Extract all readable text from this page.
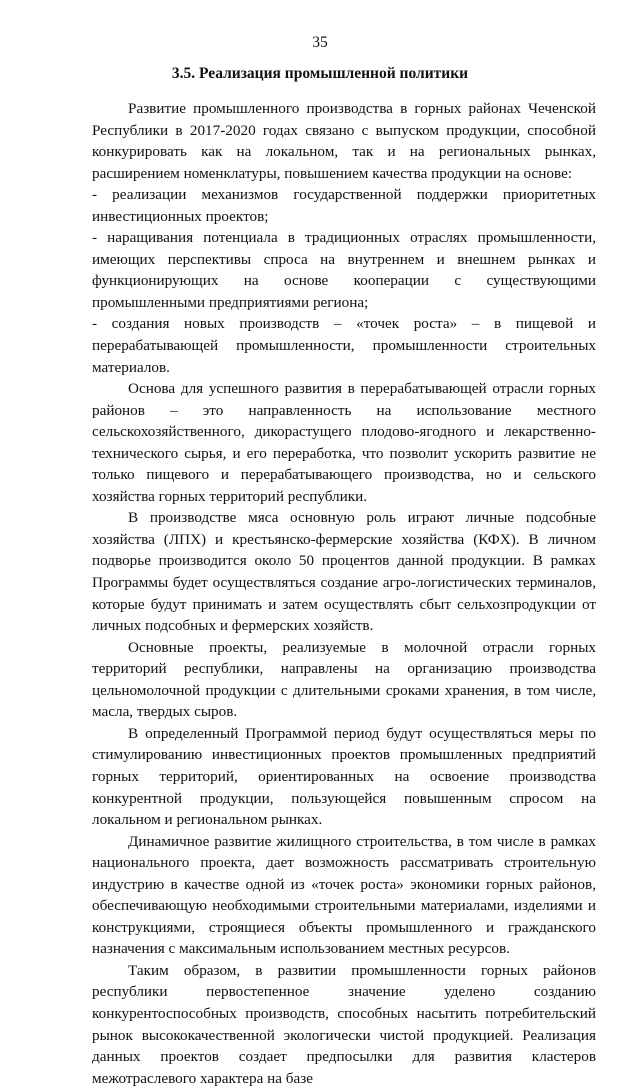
35
3.5. Реализация промышленной политики

Развитие промышленного производства в горных районах Чеченской Республики в 2017-2020 годах связано с выпуском продукции, способной конкурировать как на локальном, так и на региональных рынках, расширением номенклатуры, повышением качества продукции на основе:

- реализации механизмов государственной поддержки приоритетных инвестиционных проектов;

- наращивания потенциала в традиционных отраслях промышленности, имеющих перспективы спроса на внутреннем и внешнем рынках и функционирующих на основе кооперации с существующими промышленными предприятиями региона;

- создания новых производств – «точек роста» – в пищевой и перерабатывающей промышленности, промышленности строительных материалов.

Основа для успешного развития в перерабатывающей отрасли горных районов – это направленность на использование местного сельскохозяйственного, дикорастущего плодово-ягодного и лекарственно-технического сырья, и его переработка, что позволит ускорить развитие не только пищевого и перерабатывающего производства, но и сельского хозяйства горных территорий республики.

В производстве мяса основную роль играют личные подсобные хозяйства (ЛПХ) и крестьянско-фермерские хозяйства (КФХ). В личном подворье производится около 50 процентов данной продукции. В рамках Программы будет осуществляться создание агро-логистических терминалов, которые будут принимать и затем осуществлять сбыт сельхозпродукции от личных подсобных и фермерских хозяйств.

Основные проекты, реализуемые в молочной отрасли горных территорий республики, направлены на организацию производства цельномолочной продукции с длительными сроками хранения, в том числе, масла, твердых сыров.

В определенный Программой период будут осуществляться меры по стимулированию инвестиционных проектов промышленных предприятий горных территорий, ориентированных на освоение производства конкурентной продукции, пользующейся повышенным спросом на локальном и региональном рынках.

Динамичное развитие жилищного строительства, в том числе в рамках национального проекта, дает возможность рассматривать строительную индустрию в качестве одной из «точек роста» экономики горных районов, обеспечивающую необходимыми строительными материалами, изделиями и конструкциями, строящиеся объекты промышленного и гражданского назначения с максимальным использованием местных ресурсов.

Таким образом, в развитии промышленности горных районов республики первостепенное значение уделено созданию конкурентоспособных производств, способных насытить потребительский рынок высококачественной экологически чистой продукцией. Реализация данных проектов создает предпосылки для развития кластеров межотраслевого характера на базе
